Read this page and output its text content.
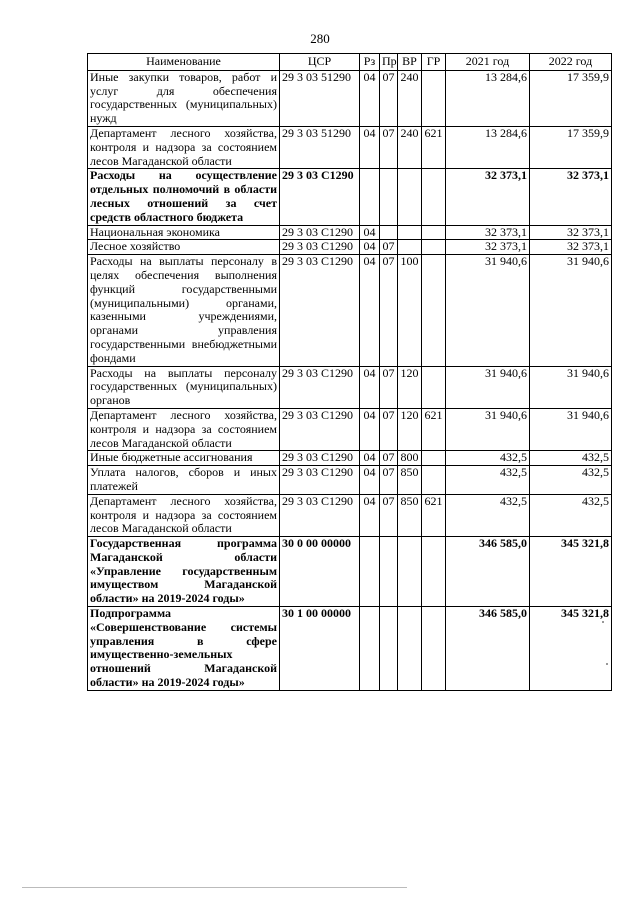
280
Наименование	ЦСР	Рз	Пр	ВР	ГР	2021 год	2022 год
Иные закупки товаров, работ и услуг для обеспечения государственных (муниципальных) нужд	29 3 03 51290	04	07	240		13 284,6	17 359,9
Департамент лесного хозяйства, контроля и надзора за состоянием лесов Магаданской области	29 3 03 51290	04	07	240	621	13 284,6	17 359,9
Расходы на осуществление отдельных полномочий в области лесных отношений за счет средств областного бюджета	29 3 03 С1290					32 373,1	32 373,1
Национальная экономика	29 3 03 С1290	04				32 373,1	32 373,1
Лесное хозяйство	29 3 03 С1290	04	07			32 373,1	32 373,1
Расходы на выплаты персоналу в целях обеспечения выполнения функций государственными (муниципальными) органами, казенными учреждениями, органами управления государственными внебюджетными фондами	29 3 03 С1290	04	07	100		31 940,6	31 940,6
Расходы на выплаты персоналу государственных (муниципальных) органов	29 3 03 С1290	04	07	120		31 940,6	31 940,6
Департамент лесного хозяйства, контроля и надзора за состоянием лесов Магаданской области	29 3 03 С1290	04	07	120	621	31 940,6	31 940,6
Иные бюджетные ассигнования	29 3 03 С1290	04	07	800		432,5	432,5
Уплата налогов, сборов и иных платежей	29 3 03 С1290	04	07	850		432,5	432,5
Департамент лесного хозяйства, контроля и надзора за состоянием лесов Магаданской области	29 3 03 С1290	04	07	850	621	432,5	432,5
Государственная программа Магаданской области «Управление государственным имуществом Магаданской области» на 2019-2024 годы»	30 0 00 00000					346 585,0	345 321,8
Подпрограмма «Совершенствование системы управления в сфере имущественно-земельных отношений Магаданской области» на 2019-2024 годы»	30 1 00 00000					346 585,0	345 321,8
